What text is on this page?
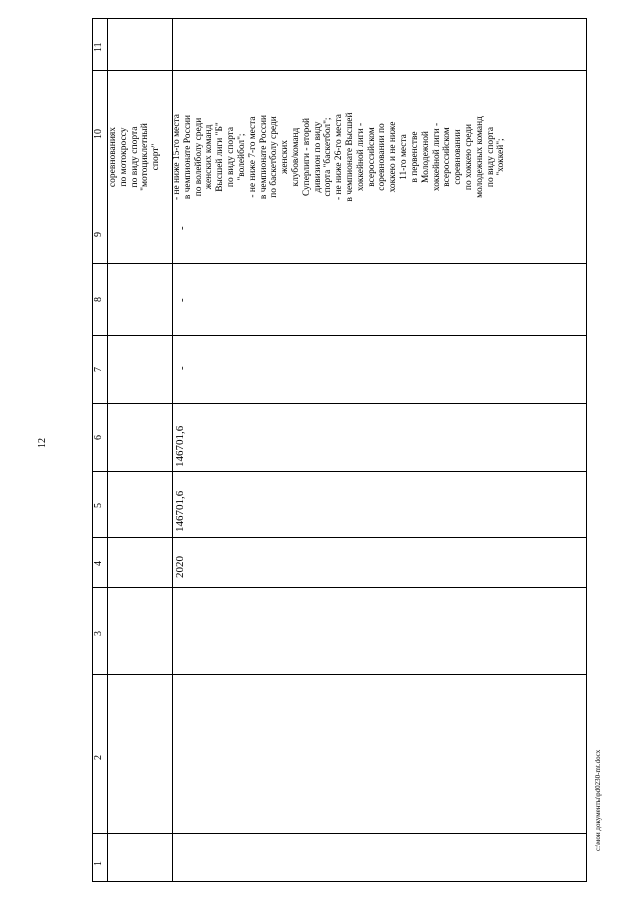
12
c:\мои документы\pd0230-mt.docx
11
10
9
8
7
6
5
4
3
2
1
соревнованиях
по мотокроссу
по виду спорта
"мотоциклетный
спорт"
- не ниже 15-го места
в чемпионате России
по волейболу среди
женских команд
Высшей лиги "Б"
по виду спорта
"волейбол";
- не ниже 7-го места
в чемпионате России
по баскетболу среди
женских
клубов/команд
Суперлиги - второй
дивизион по виду
спорта "баскетбол";
- не ниже 26-го места
в чемпионате Высшей
хоккейной лиги -
всероссийском
соревновании по
хоккею и не ниже
11-го места
в первенстве
Молодежной
хоккейной лиги -
всероссийском
соревновании
по хоккею среди
молодежных команд
по виду спорта
"хоккей";
-
-
-
146701,6
146701,6
2020
